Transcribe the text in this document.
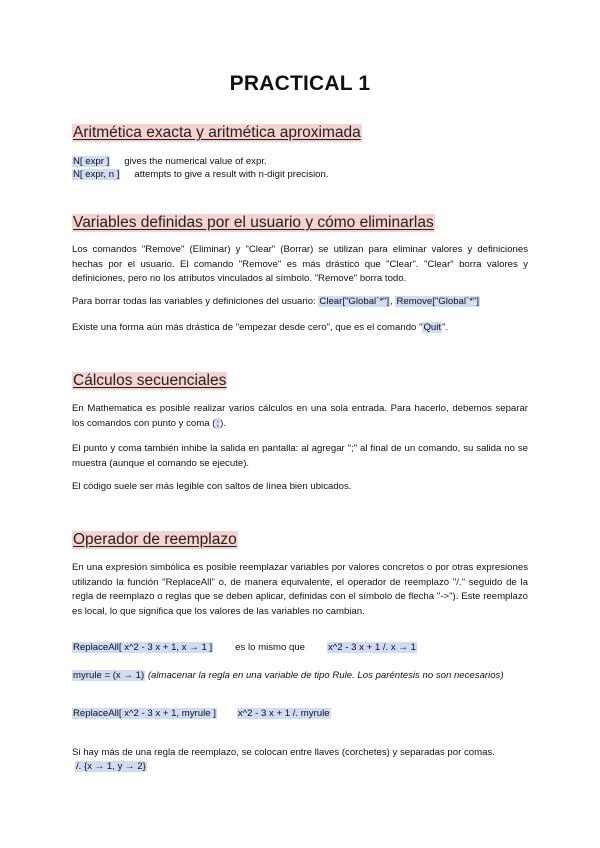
PRACTICAL 1
Aritmética exacta y aritmética aproximada
N[ expr ] gives the numerical value of expr.
N[ expr, n ] attempts to give a result with n-digit precision.
Variables definidas por el usuario y cómo eliminarlas
Los comandos "Remove" (Eliminar) y "Clear" (Borrar) se utilizan para eliminar valores y definiciones hechas por el usuario. El comando "Remove" es más drástico que "Clear". "Clear" borra valores y definiciones, pero no los atributos vinculados al símbolo. "Remove" borra todo.
Para borrar todas las variables y definiciones del usuario: Clear["Global`*"], Remove["Global`*"]
Existe una forma aún más drástica de "empezar desde cero", que es el comando "Quit".
Cálculos secuenciales
En Mathematica es posible realizar varios cálculos en una sola entrada. Para hacerlo, debemos separar los comandos con punto y coma (;).
El punto y coma también inhibe la salida en pantalla: al agregar ";" al final de un comando, su salida no se muestra (aunque el comando se ejecute).
El código suele ser más legible con saltos de línea bien ubicados.
Operador de reemplazo
En una expresión simbólica es posible reemplazar variables por valores concretos o por otras expresiones utilizando la función "ReplaceAll" o, de manera equivalente, el operador de reemplazo "/." seguido de la regla de reemplazo o reglas que se deben aplicar, definidas con el símbolo de flecha "->"). Este reemplazo es local, lo que significa que los valores de las variables no cambian.
ReplaceAll[ x^2 - 3 x + 1, x → 1 ] es lo mismo que x^2 - 3 x + 1 /. x → 1
myrule = (x → 1) (almacenar la regla en una variable de tipo Rule. Los paréntesis no son necesarios)
ReplaceAll[ x^2 - 3 x + 1, myrule ] x^2 - 3 x + 1 /. myrule
Si hay más de una regla de reemplazo, se colocan entre llaves (corchetes) y separadas por comas.
/. {x → 1, y → 2}
